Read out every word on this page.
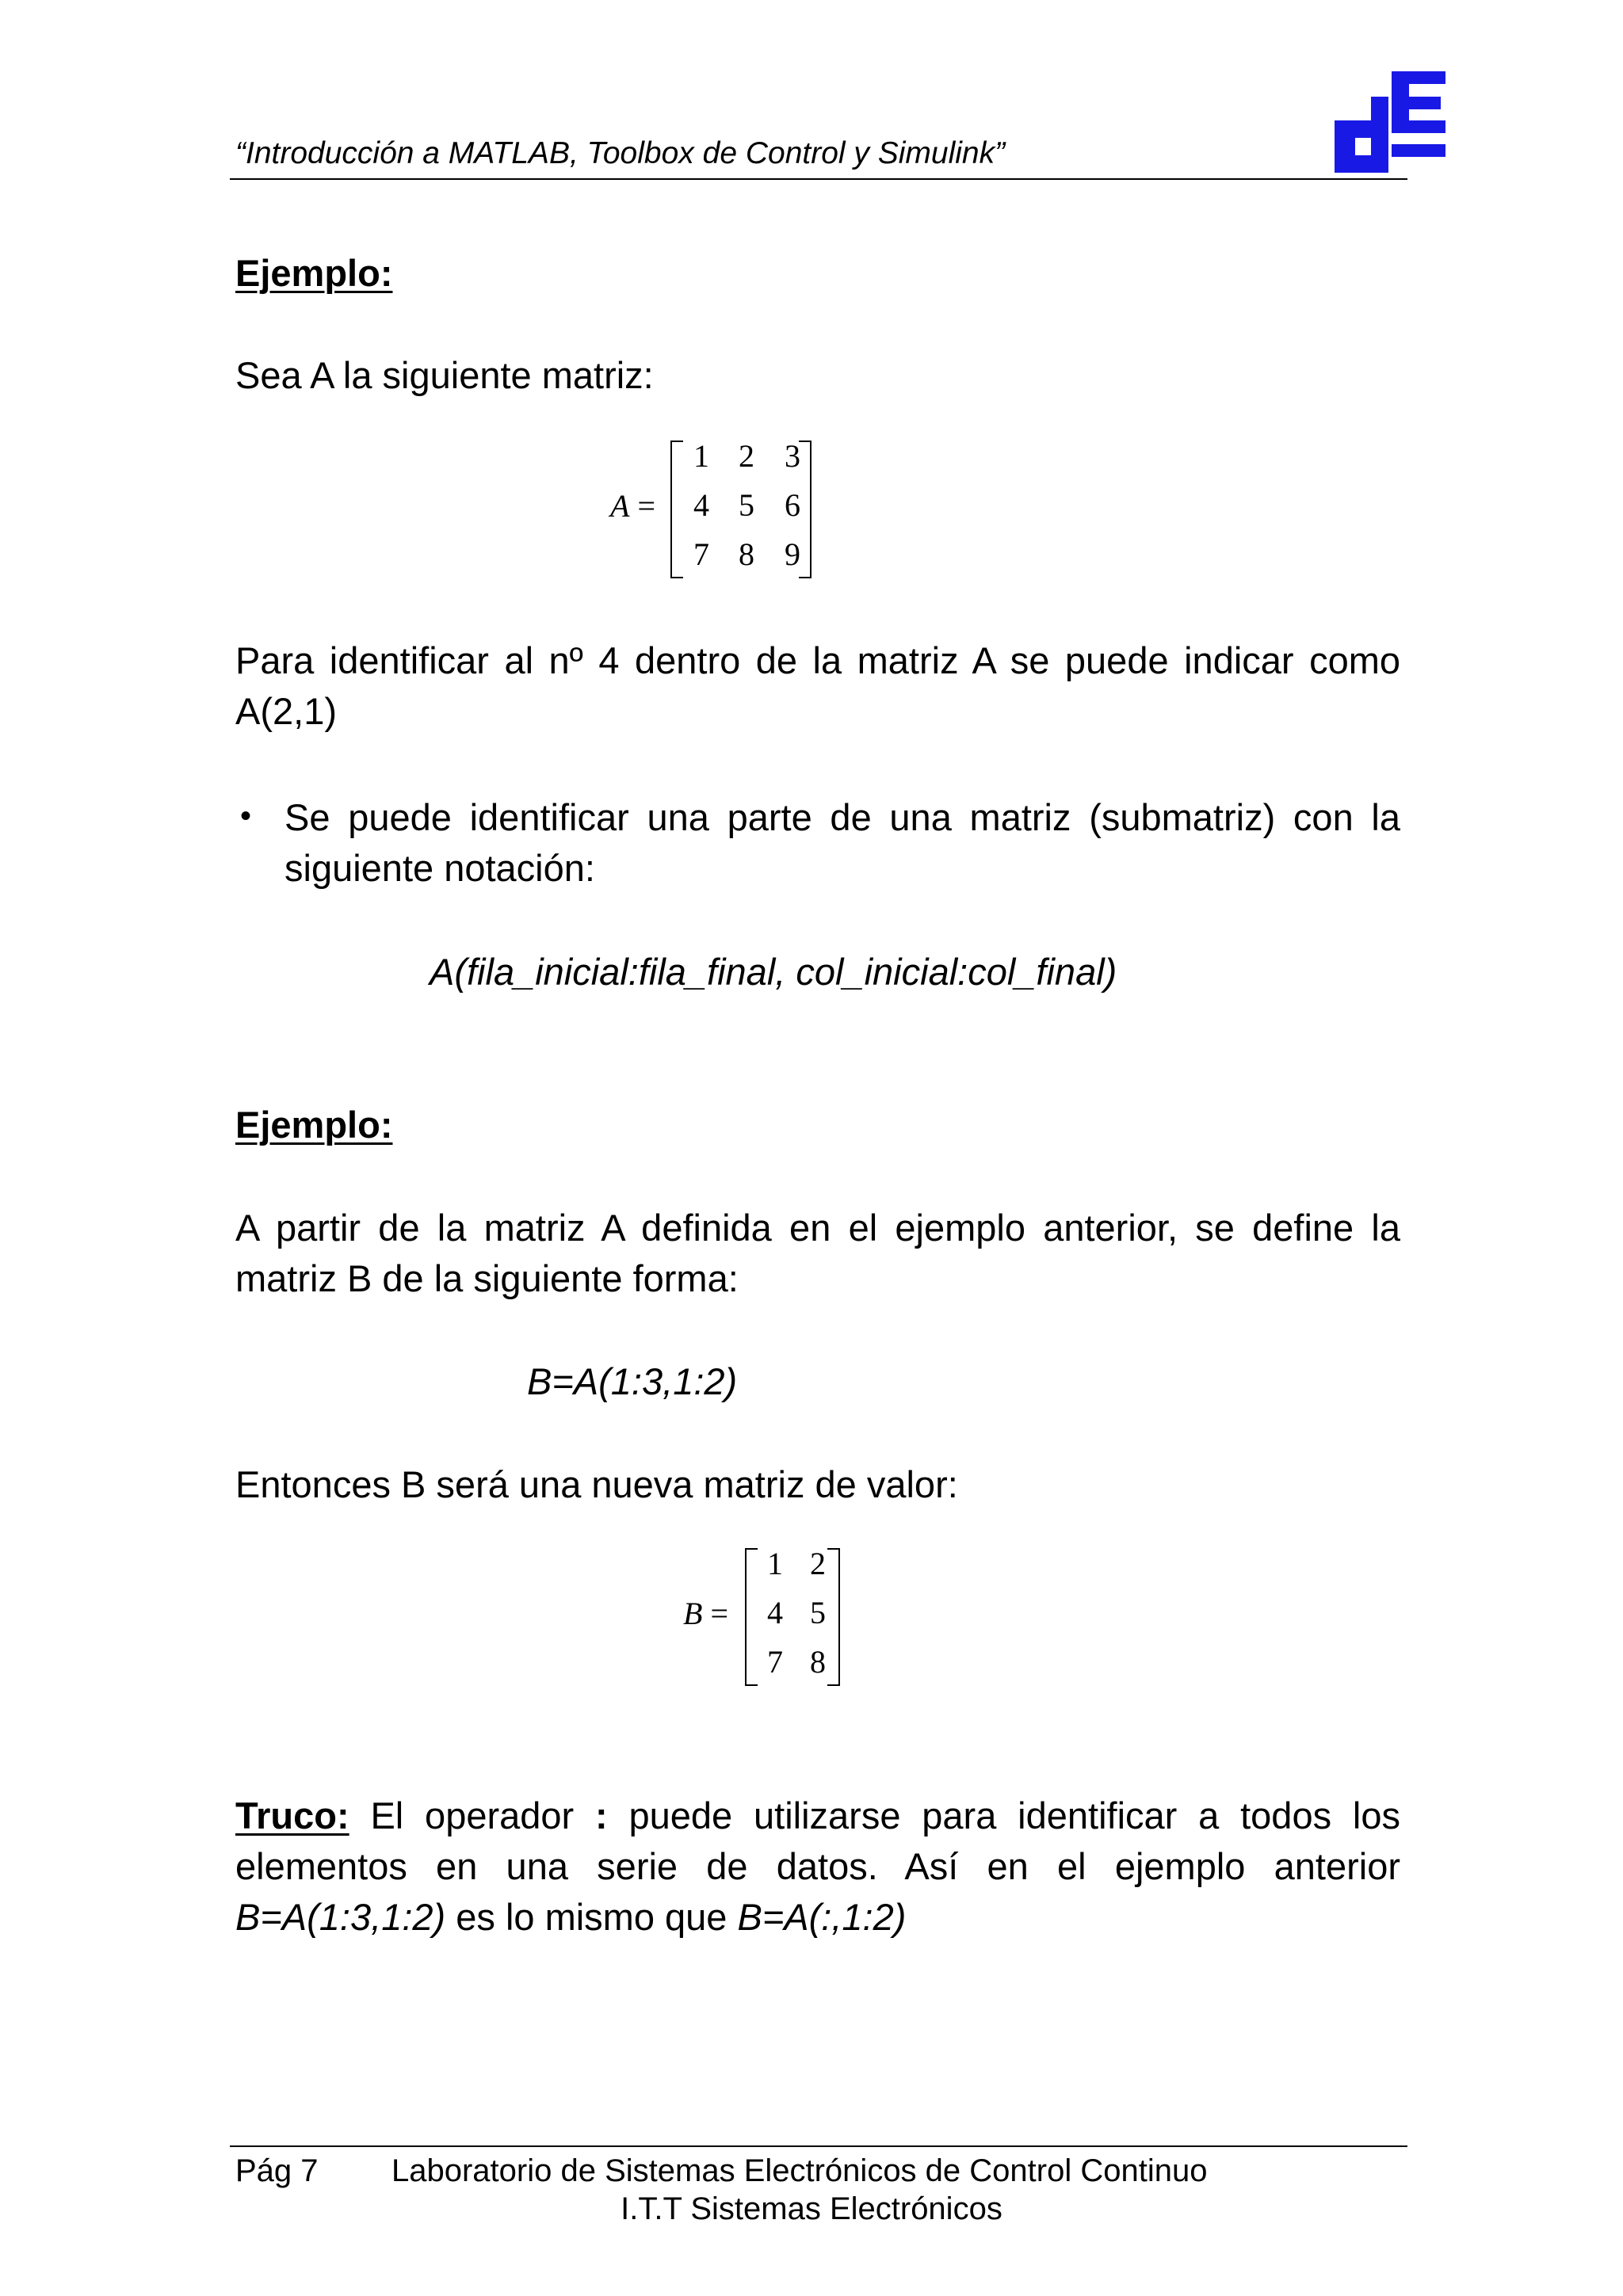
“Introducción a MATLAB, Toolbox de Control y Simulink”
Ejemplo:
Sea A la siguiente matriz:
A =
1 2 3
4 5 6
7 8 9
Para identificar al nº 4 dentro de la matriz A se puede indicar como A(2,1)
• Se puede identificar una parte de una matriz (submatriz) con la siguiente notación:
A(fila_inicial:fila_final, col_inicial:col_final)
Ejemplo:
A partir de la matriz A definida en el ejemplo anterior, se define la matriz B de la siguiente forma:
B=A(1:3,1:2)
Entonces B será una nueva matriz de valor:
B =
1 2
4 5
7 8
Truco: El operador : puede utilizarse para identificar a todos los elementos en una serie de datos. Así en el ejemplo anterior B=A(1:3,1:2) es lo mismo que B=A(:,1:2)
Pág 7 Laboratorio de Sistemas Electrónicos de Control Continuo
I.T.T Sistemas Electrónicos
